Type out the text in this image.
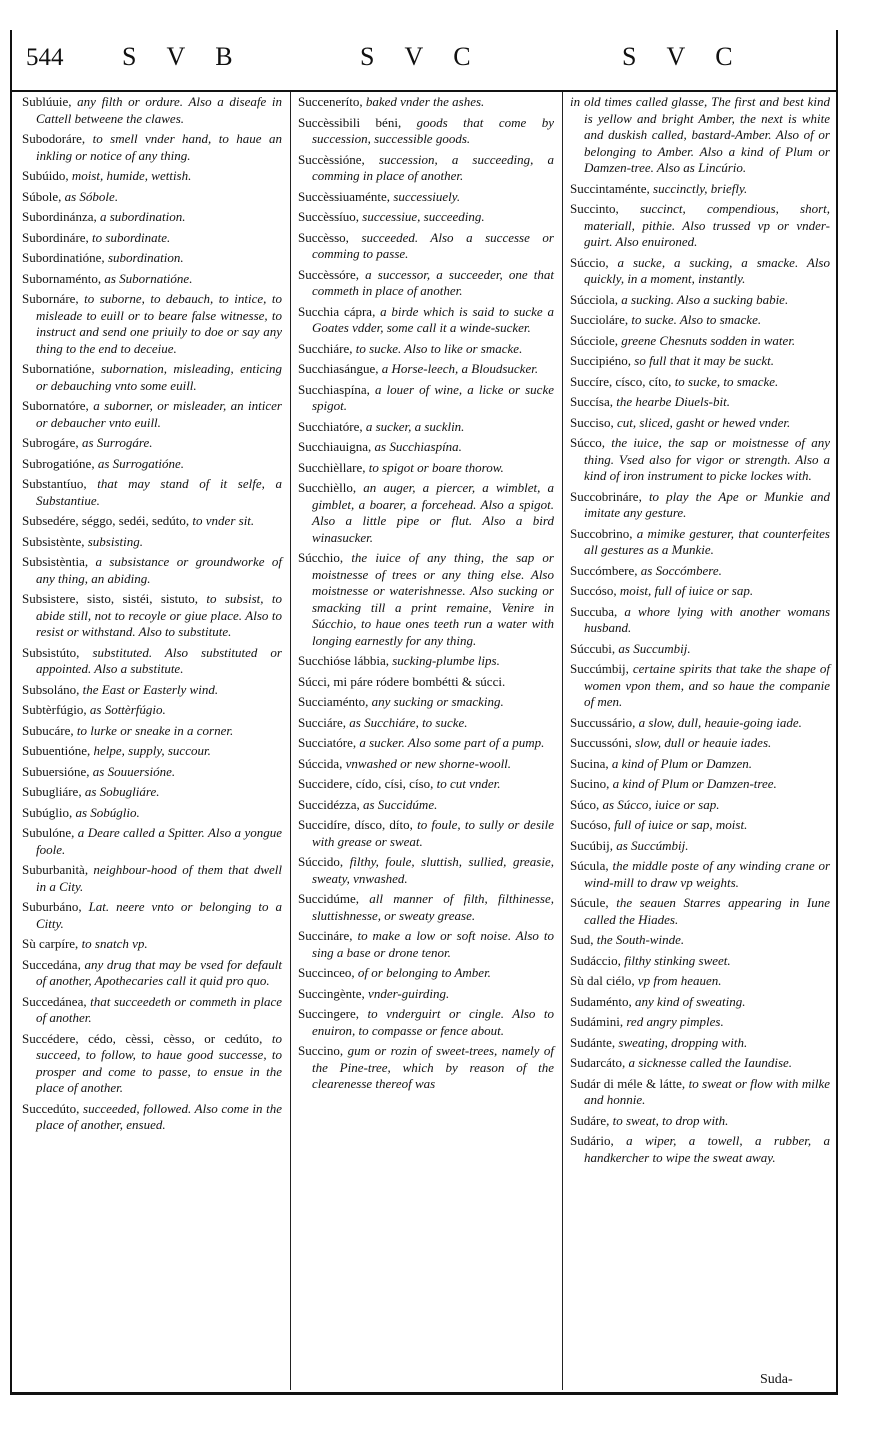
544 S V B	S V C	S V C
Sublúuie, any filth or ordure. Also a diseafe in Cattell betweene the clawes.
Subodoráre, to smell vnder hand, to haue an inkling or notice of any thing.
Subúido, moist, humide, wettish.
Súbole, as Sóbole.
Subordinánza, a subordination.
Subordináre, to subordinate.
Subordinatióne, subordination.
Subornaménto, as Subornatióne.
Subornáre, to suborne, to debauch, to intice, to misleade to euill or to beare false witnesse, to instruct and send one priuily to doe or say any thing to the end to deceiue.
Subornatióne, subornation, misleading, enticing or debauching vnto some euill.
Subornatóre, a suborner, or misleader, an inticer or debaucher vnto euill.
Subrogáre, as Surrogáre.
Subrogatióne, as Surrogatióne.
Substantíuo, that may stand of it selfe, a Substantiue.
Subsedére, séggo, sedéi, sedúto, to vnder sit.
Subsistènte, subsisting.
Subsistèntia, a subsistance or groundworke of any thing, an abiding.
Subsistere, sisto, sistéi, sistuto, to subsist, to abide still, not to recoyle or giue place. Also to resist or withstand. Also to substitute.
Subsistúto, substituted. Also substituted or appointed. Also a substitute.
Subsoláno, the East or Easterly wind.
Subtèrfúgio, as Sottèrfúgio.
Subucáre, to lurke or sneake in a corner.
Subuentióne, helpe, supply, succour.
Subuersióne, as Souuersióne.
Subugliáre, as Sobugliáre.
Subúglio, as Sobúglio.
Subulóne, a Deare called a Spitter. Also a yongue foole.
Suburbanità, neighbour-hood of them that dwell in a City.
Suburbáno, Lat. neere vnto or belonging to a Citty.
Sù carpíre, to snatch vp.
Succedána, any drug that may be vsed for default of another, Apothecaries call it quid pro quo.
Succedánea, that succeedeth or commeth in place of another.
Succédere, cédo, cèssi, cèsso, or cedúto, to succeed, to follow, to haue good successe, to prosper and come to passe, to ensue in the place of another.
Succedúto, succeeded, followed. Also come in the place of another, ensued.
Succeneríto, baked vnder the ashes.
Succèssibili béni, goods that come by succession, successible goods.
Succèssióne, succession, a succeeding, a comming in place of another.
Succèssiuaménte, successiuely.
Succèssíuo, successiue, succeeding.
Succèsso, succeeded. Also a successe or comming to passe.
Succèssóre, a successor, a succeeder, one that commeth in place of another.
Succhia cápra, a birde which is said to sucke a Goates vdder, some call it a winde-sucker.
Succhiáre, to sucke. Also to like or smacke.
Succhiasángue, a Horse-leech, a Bloudsucker.
Succhiaspína, a louer of wine, a licke or sucke spigot.
Succhiatóre, a sucker, a sucklin.
Succhiauigna, as Succhiaspína.
Succhièllare, to spigot or boare thorow.
Succhièllo, an auger, a piercer, a wimblet, a gimblet, a boarer, a forcehead. Also a spigot. Also a little pipe or flut. Also a bird winasucker.
Súcchio, the iuice of any thing, the sap or moistnesse of trees or any thing else. Also moistnesse or waterishnesse. Also sucking or smacking till a print remaine, Venire in Súcchio, to haue ones teeth run a water with longing earnestly for any thing.
Succhióse lábbia, sucking-plumbe lips.
Súcci, mi páre ródere bombétti & súcci.
Succiaménto, any sucking or smacking.
Succiáre, as Succhiáre, to sucke.
Succiatóre, a sucker. Also some part of a pump.
Súccida, vnwashed or new shorne-wooll.
Succidere, cído, císi, císo, to cut vnder.
Succidézza, as Succidúme.
Succidíre, dísco, díto, to foule, to sully or desile with grease or sweat.
Súccido, filthy, foule, sluttish, sullied, greasie, sweaty, vnwashed.
Succidúme, all manner of filth, filthinesse, sluttishnesse, or sweaty grease.
Succináre, to make a low or soft noise. Also to sing a base or drone tenor.
Succinceo, of or belonging to Amber.
Succingènte, vnder-guirding.
Succingere, to vnderguirt or cingle. Also to enuiron, to compasse or fence about.
Succino, gum or rozin of sweet-trees, namely of the Pine-tree, which by reason of the clearenesse thereof was
in old times called glasse, The first and best kind is yellow and bright Amber, the next is white and duskish called, bastard-Amber. Also of or belonging to Amber. Also a kind of Plum or Damzen-tree. Also as Lincúrio.
Succintaménte, succinctly, briefly.
Succinto, succinct, compendious, short, materiall, pithie. Also trussed vp or vnder-guirt. Also enuironed.
Súccio, a sucke, a sucking, a smacke. Also quickly, in a moment, instantly.
Súcciola, a sucking. Also a sucking babie.
Succioláre, to sucke. Also to smacke.
Súcciole, greene Chesnuts sodden in water.
Succipiéno, so full that it may be suckt.
Succíre, císco, cíto, to sucke, to smacke.
Succísa, the hearbe Diuels-bit.
Succiso, cut, sliced, gasht or hewed vnder.
Súcco, the iuice, the sap or moistnesse of any thing. Vsed also for vigor or strength. Also a kind of iron instrument to picke lockes with.
Succobrináre, to play the Ape or Munkie and imitate any gesture.
Succobrino, a mimike gesturer, that counterfeites all gestures as a Munkie.
Succómbere, as Soccómbere.
Succóso, moist, full of iuice or sap.
Succuba, a whore lying with another womans husband.
Súccubi, as Succumbij.
Succúmbij, certaine spirits that take the shape of women vpon them, and so haue the companie of men.
Succussário, a slow, dull, heauie-going iade.
Succussóni, slow, dull or heauie iades.
Sucina, a kind of Plum or Damzen.
Sucino, a kind of Plum or Damzen-tree.
Súco, as Súcco, iuice or sap.
Sucóso, full of iuice or sap, moist.
Sucúbij, as Succúmbij.
Súcula, the middle poste of any winding crane or wind-mill to draw vp weights.
Súcule, the seauen Starres appearing in Iune called the Hiades.
Sud, the South-winde.
Sudáccio, filthy stinking sweet.
Sù dal ciélo, vp from heauen.
Sudaménto, any kind of sweating.
Sudámini, red angry pimples.
Sudánte, sweating, dropping with.
Sudarcáto, a sicknesse called the Iaundise.
Sudár di méle & látte, to sweat or flow with milke and honnie.
Sudáre, to sweat, to drop with.
Sudário, a wiper, a towell, a rubber, a handkercher to wipe the sweat away.
Suda-
